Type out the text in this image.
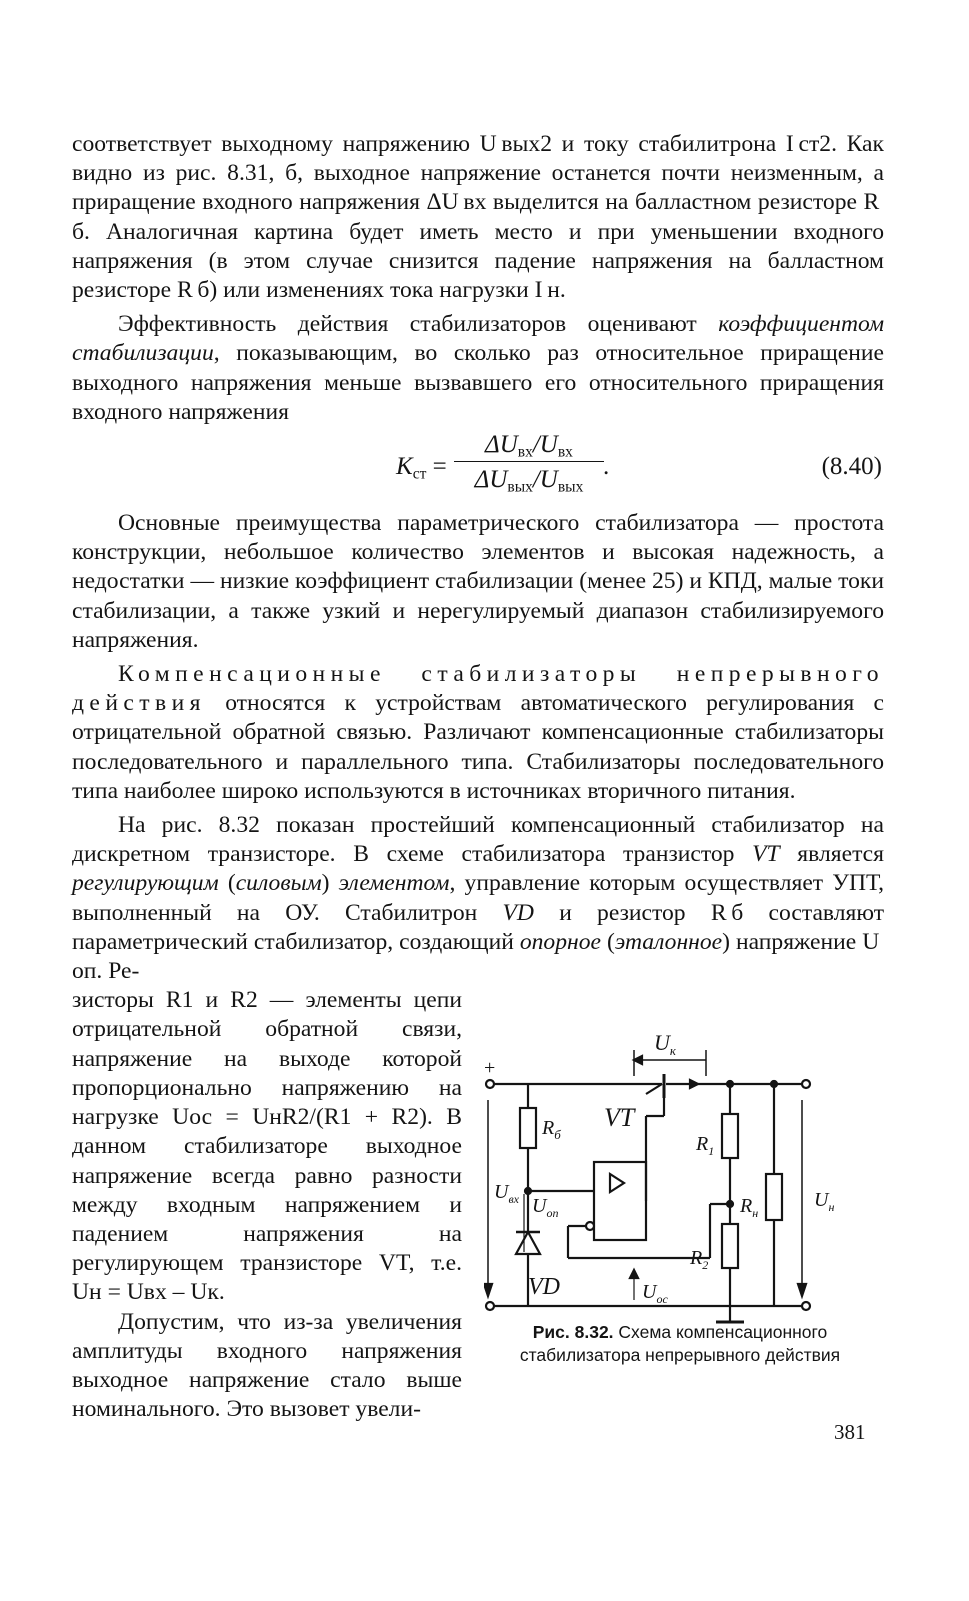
соответствует выходному напряжению U вых2 и току стабилитрона I ст2. Как видно из рис. 8.31, б, выходное напряжение останется почти неизменным, а приращение входного напряжения ΔU вх выделится на балластном резисторе R б. Аналогичная картина будет иметь место и при уменьшении входного напряжения (в этом случае снизится падение напряжения на балластном резисторе R б) или изменениях тока нагрузки I н.

Эффективность действия стабилизаторов оценивают коэффициентом стабилизации, показывающим, во сколько раз относительное приращение выходного напряжения меньше вызвавшего его относительного приращения входного напряжения

$K_{ст}$ =
$\Delta U_{вх}/U_{вх}$
$\Delta U_{вых}/U_{вых}$
.	(8.40)

Основные преимущества параметрического стабилизатора — простота конструкции, небольшое количество элементов и высокая надежность, а недостатки — низкие коэффициент стабилизации (менее 25) и КПД, малые токи стабилизации, а также узкий и нерегулируемый диапазон стабилизируемого напряжения.

Компенсационные стабилизаторы непрерывного действия относятся к устройствам автоматического регулирования с отрицательной обратной связью. Различают компенсационные стабилизаторы последовательного и параллельного типа. Стабилизаторы последовательного типа наиболее широко используются в источниках вторичного питания.

На рис. 8.32 показан простейший компенсационный стабилизатор на дискретном транзисторе. В схеме стабилизатора транзистор VT является регулирующим (силовым) элементом, управление которым осуществляет УПТ, выполненный на ОУ. Стабилитрон VD и резистор R б составляют параметрический стабилизатор, создающий опорное (эталонное) напряжение U оп. Ре-

зисторы R1 и R2 — элементы цепи отрицательной обратной связи, напряжение на выходе которой пропорционально напряжению на нагрузке Uос = UнR2/(R1 + R2). В данном стабилизаторе выходное напряжение всегда равно разности между входным напряжением и падением напряжения на регулирующем транзисторе VT, т.е. Uн = Uвх – Uк.

Допустим, что из-за увеличения амплитуды входного напряжения выходное напряжение стало выше номинального. Это вызовет увели-

$U_к$
+
VT
$R_б$
VD
$U_{вх}$ $U_{оп}$
$U_{ос}$
$R_1$
$R_2$
$R_н$
$U_н$
Рис. 8.32. Схема компенсационного стабилизатора непрерывного действия
381
